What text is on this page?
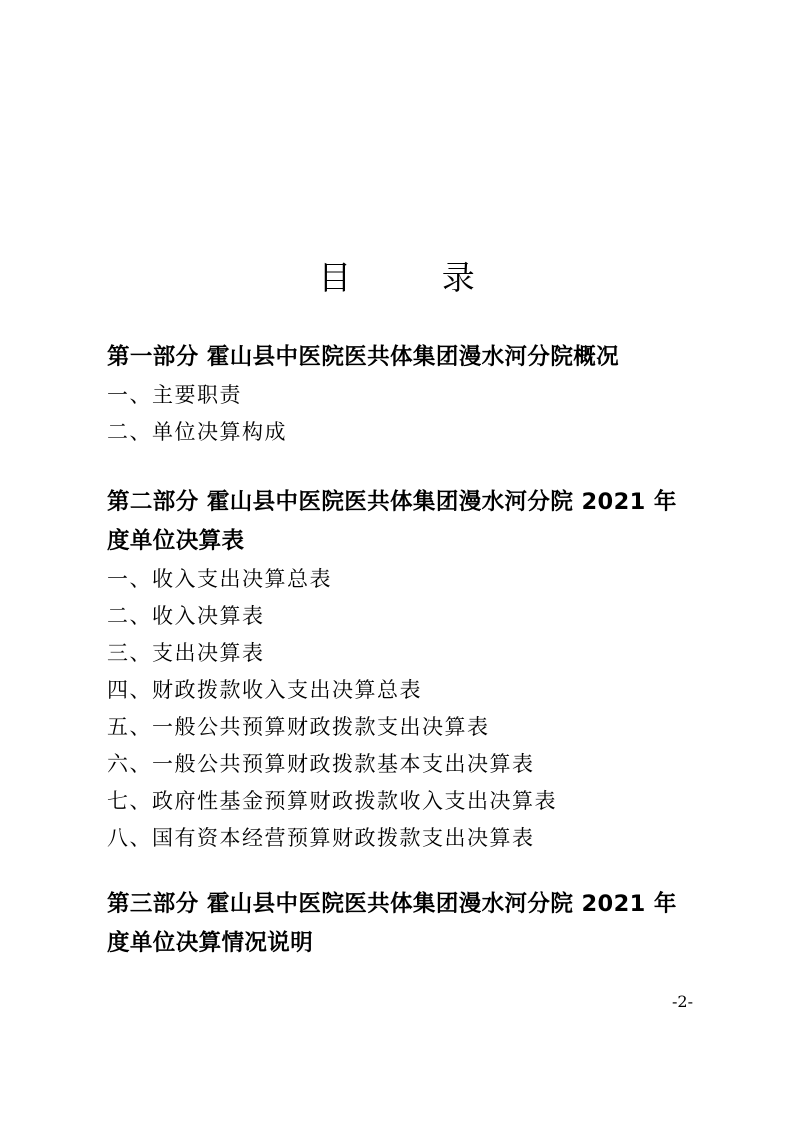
目 录
第一部分 霍山县中医院医共体集团漫水河分院概况
一、主要职责
二、单位决算构成
第二部分 霍山县中医院医共体集团漫水河分院 2021 年
度单位决算表
一、收入支出决算总表
二、收入决算表
三、支出决算表
四、财政拨款收入支出决算总表
五、一般公共预算财政拨款支出决算表
六、一般公共预算财政拨款基本支出决算表
七、政府性基金预算财政拨款收入支出决算表
八、国有资本经营预算财政拨款支出决算表
第三部分 霍山县中医院医共体集团漫水河分院 2021 年
度单位决算情况说明
-2-
